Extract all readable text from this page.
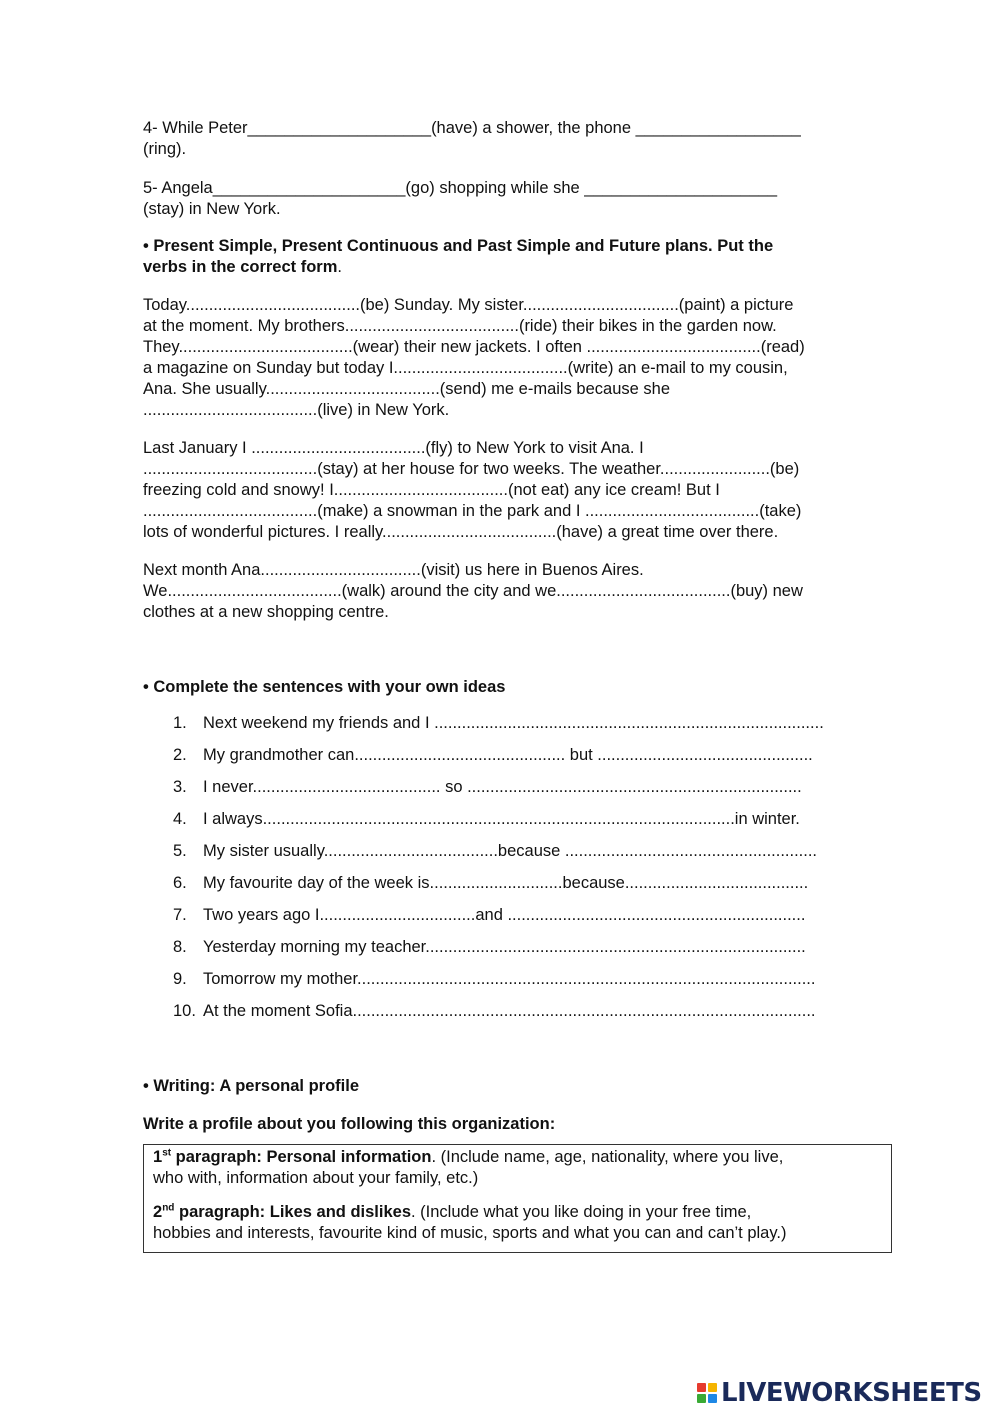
4- While Peter____________________(have) a shower, the phone __________________

(ring).

5- Angela_____________________(go) shopping while she _____________________

(stay) in New York.

• Present Simple, Present Continuous and Past Simple and Future plans. Put the

verbs in the correct form.

Today......................................(be) Sunday. My sister..................................(paint) a picture

at the moment. My brothers......................................(ride) their bikes in the garden now.

They......................................(wear) their new jackets. I often ......................................(read)

a magazine on Sunday but today I......................................(write) an e-mail to my cousin,

Ana. She usually......................................(send) me e-mails because she

......................................(live) in New York.

Last January I ......................................(fly) to New York to visit Ana. I

......................................(stay) at her house for two weeks. The weather........................(be)

freezing cold and snowy! I......................................(not eat) any ice cream! But I

......................................(make) a snowman in the park and I ......................................(take)

lots of wonderful pictures. I really......................................(have) a great time over there.

Next month Ana...................................(visit) us here in Buenos Aires.

We......................................(walk) around the city and we......................................(buy) new

clothes at a new shopping centre.

• Complete the sentences with your own ideas

1. Next weekend my friends and I .....................................................................................
2. My grandmother can.............................................. but ...............................................
3. I never......................................... so .........................................................................
4. I always.......................................................................................................in winter.
5. My sister usually......................................because .......................................................
6. My favourite day of the week is.............................because........................................
7. Two years ago I..................................and .................................................................
8. Yesterday morning my teacher...................................................................................
9. Tomorrow my mother....................................................................................................
10. At the moment Sofia.....................................................................................................

• Writing: A personal profile

Write a profile about you following this organization:

1st paragraph: Personal information. (Include name, age, nationality, where you live,
who with, information about your family, etc.)

2nd paragraph: Likes and dislikes. (Include what you like doing in your free time,
hobbies and interests, favourite kind of music, sports and what you can and can’t play.)

LIVEWORKSHEETS
